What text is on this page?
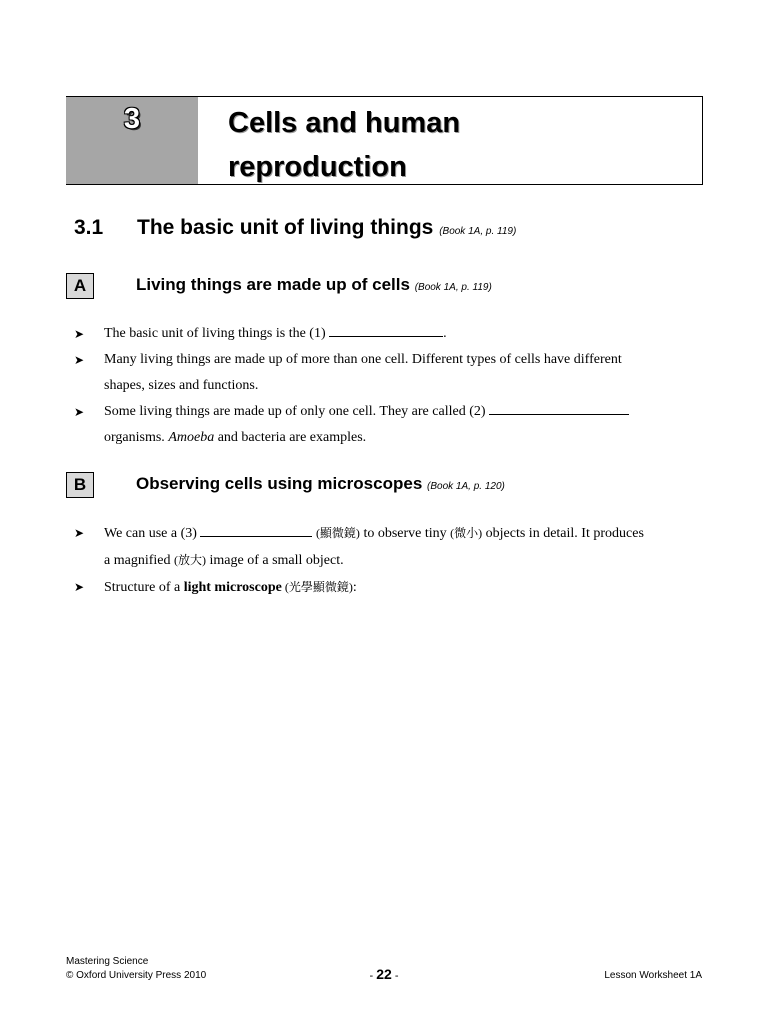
3	Cells and human
reproduction
3.1 The basic unit of living things (Book 1A, p. 119)
A	Living things are made up of cells (Book 1A, p. 119)
➤ The basic unit of living things is the (1)	.
➤ Many living things are made up of more than one cell. Different types of cells have different
shapes, sizes and functions.
➤ Some living things are made up of only one cell. They are called (2)
organisms. Amoeba and bacteria are examples.
B	Observing cells using microscopes (Book 1A, p. 120)
➤ We can use a (3)	(顯微鏡) to observe tiny (微小) objects in detail. It produces
a magnified (放大) image of a small object.
➤ Structure of a light microscope (光學顯微鏡):
Mastering Science
© Oxford University Press 2010	- 22 -	Lesson Worksheet 1A
